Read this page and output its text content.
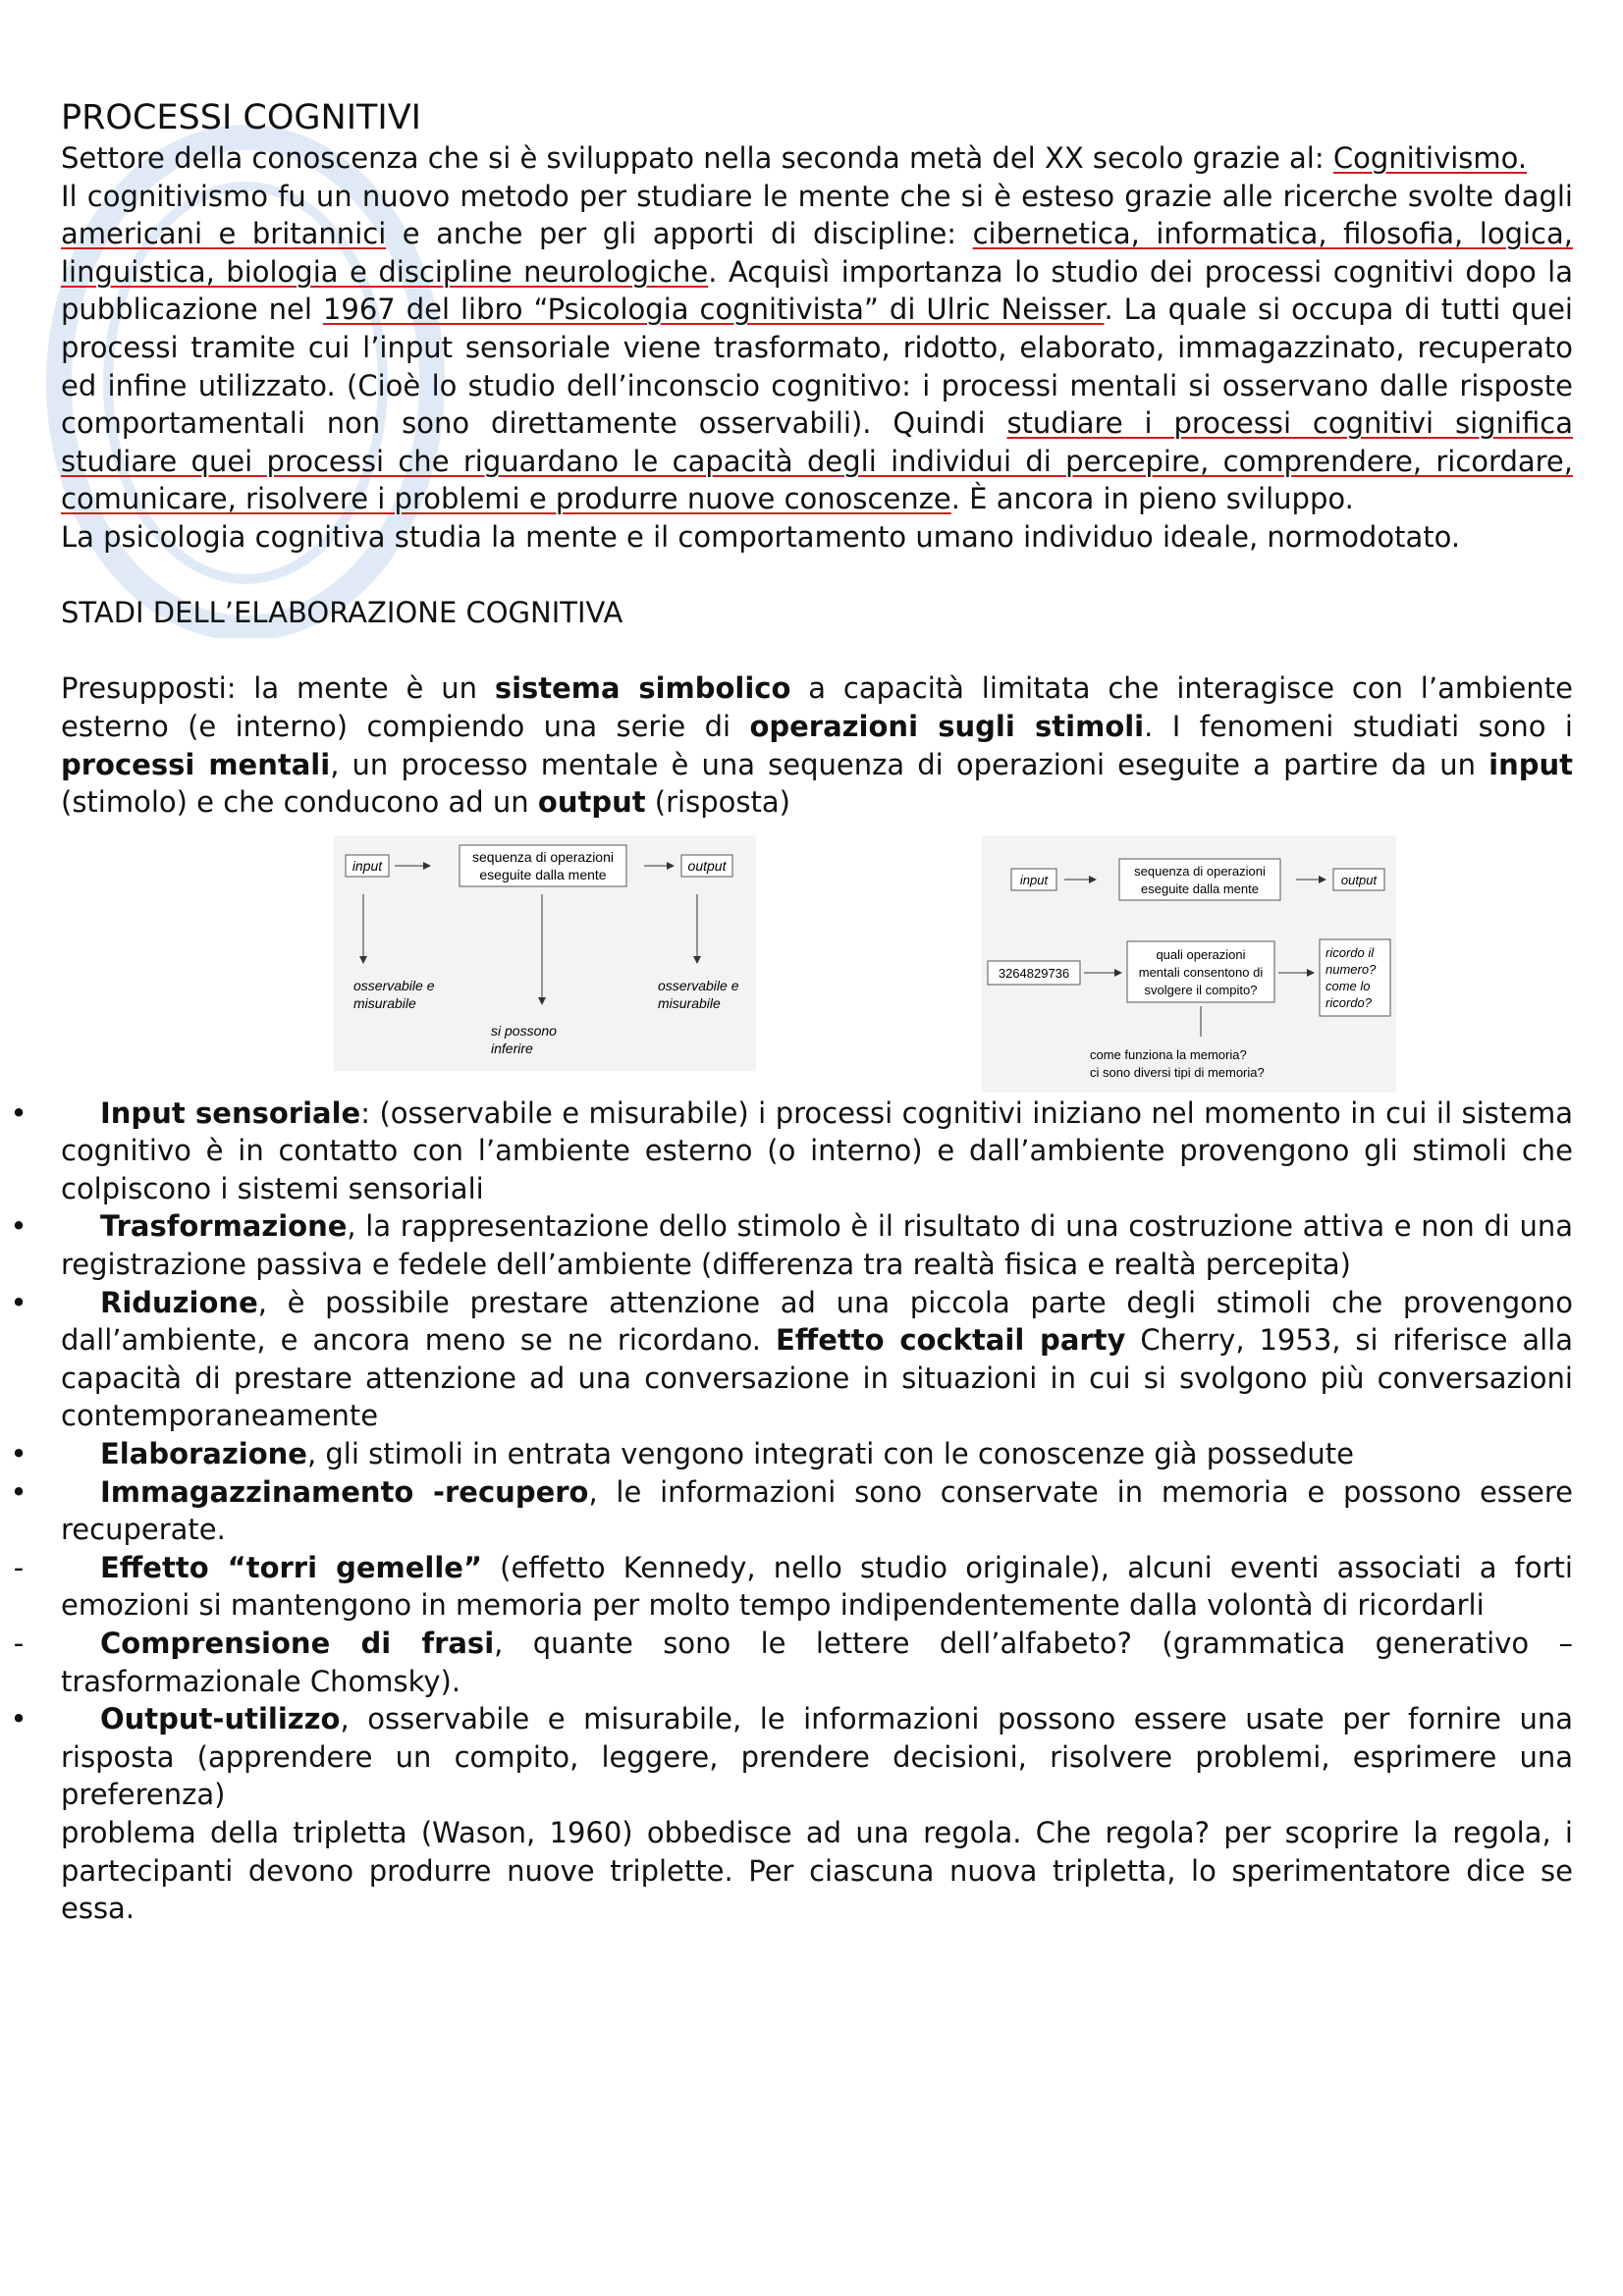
PROCESSI COGNITIVI

Settore della conoscenza che si è sviluppato nella seconda metà del XX secolo grazie al: Cognitivismo.

Il cognitivismo fu un nuovo metodo per studiare le mente che si è esteso grazie alle ricerche svolte dagli americani e britannici e anche per gli apporti di discipline: cibernetica, informatica, filosofia, logica, linguistica, biologia e discipline neurologiche. Acquisì importanza lo studio dei processi cognitivi dopo la pubblicazione nel 1967 del libro “Psicologia cognitivista” di Ulric Neisser. La quale si occupa di tutti quei processi tramite cui l’input sensoriale viene trasformato, ridotto, elaborato, immagazzinato, recuperato ed infine utilizzato. (Cioè lo studio dell’inconscio cognitivo: i processi mentali si osservano dalle risposte comportamentali non sono direttamente osservabili). Quindi studiare i processi cognitivi significa studiare quei processi che riguardano le capacità degli individui di percepire, comprendere, ricordare, comunicare, risolvere i problemi e produrre nuove conoscenze. È ancora in pieno sviluppo.

La psicologia cognitiva studia la mente e il comportamento umano individuo ideale, normodotato.

STADI DELL’ELABORAZIONE COGNITIVA

Presupposti: la mente è un sistema simbolico a capacità limitata che interagisce con l’ambiente esterno (e interno) compiendo una serie di operazioni sugli stimoli. I fenomeni studiati sono i processi mentali, un processo mentale è una sequenza di operazioni eseguite a partire da un input (stimolo) e che conducono ad un output (risposta)

input
sequenza di operazioni
eseguite dalla mente
output
osservabile e
misurabile
si possono
inferire
osservabile e
misurabile
input
sequenza di operazioni
eseguite dalla mente
output
3264829736
quali operazioni
mentali consentono di
svolgere il compito?
ricordo il
numero?
come lo
ricordo?
come funziona la memoria?
ci sono diversi tipi di memoria?

•	Input sensoriale: (osservabile e misurabile) i processi cognitivi iniziano nel momento in cui il sistema cognitivo è in contatto con l’ambiente esterno (o interno) e dall’ambiente provengono gli stimoli che colpiscono i sistemi sensoriali

•	Trasformazione, la rappresentazione dello stimolo è il risultato di una costruzione attiva e non di una registrazione passiva e fedele dell’ambiente (differenza tra realtà fisica e realtà percepita)

•	Riduzione, è possibile prestare attenzione ad una piccola parte degli stimoli che provengono dall’ambiente, e ancora meno se ne ricordano. Effetto cocktail party Cherry, 1953, si riferisce alla capacità di prestare attenzione ad una conversazione in situazioni in cui si svolgono più conversazioni contemporaneamente

•	Elaborazione, gli stimoli in entrata vengono integrati con le conoscenze già possedute

•	Immagazzinamento -recupero, le informazioni sono conservate in memoria e possono essere recuperate.

-	Effetto “torri gemelle” (effetto Kennedy, nello studio originale), alcuni eventi associati a forti emozioni si mantengono in memoria per molto tempo indipendentemente dalla volontà di ricordarli

-	Comprensione di frasi, quante sono le lettere dell’alfabeto? (grammatica generativo – trasformazionale Chomsky).

•	Output-utilizzo, osservabile e misurabile, le informazioni possono essere usate per fornire una risposta (apprendere un compito, leggere, prendere decisioni, risolvere problemi, esprimere una preferenza)

problema della tripletta (Wason, 1960) obbedisce ad una regola. Che regola? per scoprire la regola, i partecipanti devono produrre nuove triplette. Per ciascuna nuova tripletta, lo sperimentatore dice se essa.
